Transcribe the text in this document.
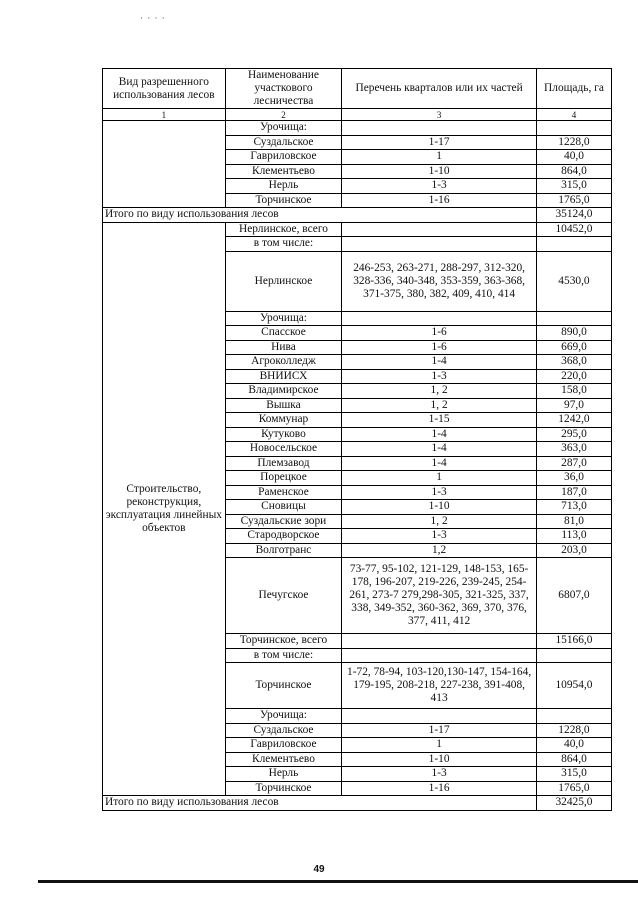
· · · ·
Вид разрешенного использования лесов	Наименование участкового лесничества	Перечень кварталов или их частей	Площадь, га
1	2	3	4
	Урочища:		
	Суздальское	1-17	1228,0
	Гавриловское	1	40,0
	Клементьево	1-10	864,0
	Нерль	1-3	315,0
	Торчинское	1-16	1765,0
Итого по виду использования лесов			35124,0
Строительство, реконструкция, эксплуатация линейных объектов	Нерлинское, всего		10452,0
	в том числе:		
	Нерлинское	246-253, 263-271, 288-297, 312-320, 328-336, 340-348, 353-359, 363-368, 371-375, 380, 382, 409, 410, 414	4530,0
	Урочища:		
	Спасское	1-6	890,0
	Нива	1-6	669,0
	Агроколледж	1-4	368,0
	ВНИИСХ	1-3	220,0
	Владимирское	1, 2	158,0
	Вышка	1, 2	97,0
	Коммунар	1-15	1242,0
	Кутуково	1-4	295,0
	Новосельское	1-4	363,0
	Племзавод	1-4	287,0
	Порецкое	1	36,0
	Раменское	1-3	187,0
	Сновицы	1-10	713,0
	Суздальские зори	1, 2	81,0
	Стародворское	1-3	113,0
	Волготранс	1,2	203,0
	Печугское	73-77, 95-102, 121-129, 148-153, 165-178, 196-207, 219-226, 239-245, 254-261, 273-7 279,298-305, 321-325, 337, 338, 349-352, 360-362, 369, 370, 376, 377, 411, 412	6807,0
	Торчинское, всего		15166,0
	в том числе:		
	Торчинское	1-72, 78-94, 103-120,130-147, 154-164, 179-195, 208-218, 227-238, 391-408, 413	10954,0
	Урочища:		
	Суздальское	1-17	1228,0
	Гавриловское	1	40,0
	Клементьево	1-10	864,0
	Нерль	1-3	315,0
	Торчинское	1-16	1765,0
Итого по виду использования лесов			32425,0
49
